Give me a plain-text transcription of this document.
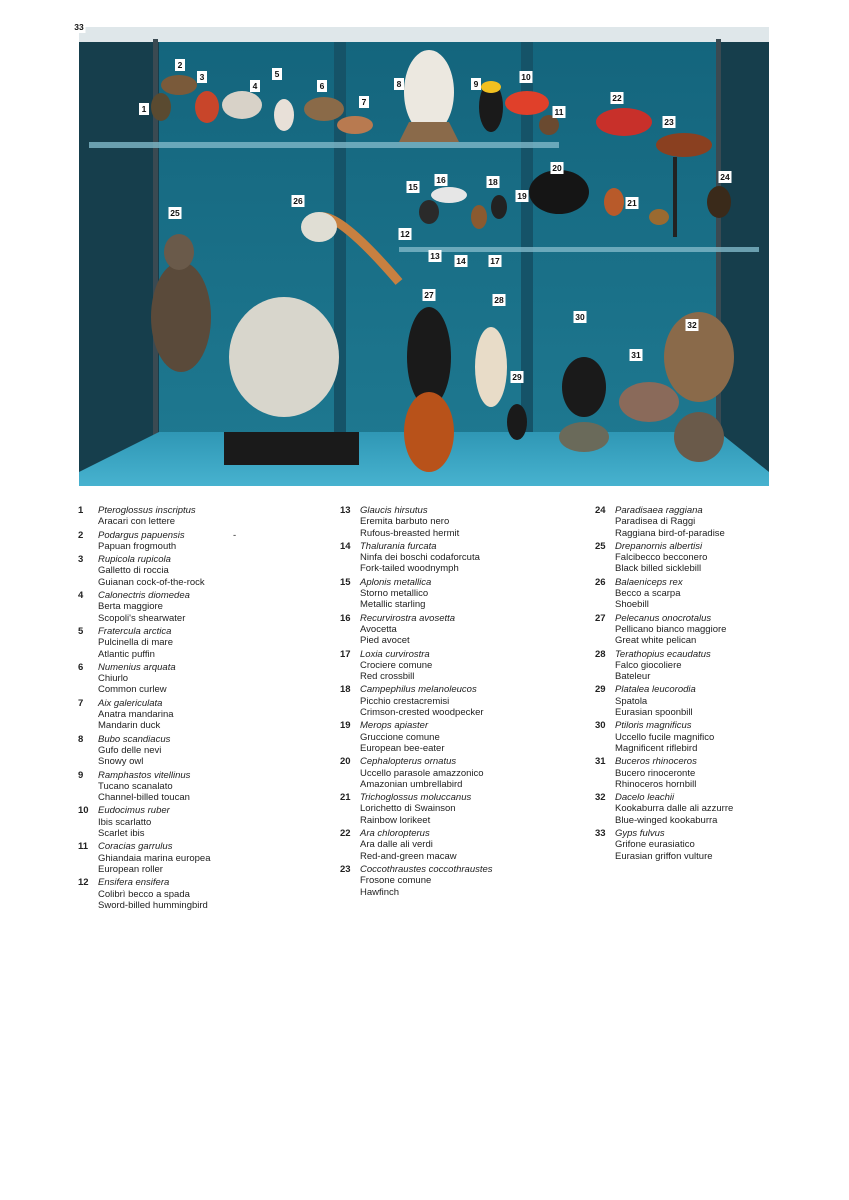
1
2
3
4
5
6
7
8	9
10
11
12
13 14
15
16
17
18
19
20
21
22
23
24
25
26
27	28
29
30
31
32
33
1 Pteroglossus inscriptus
Aracari con lettere
2 Podargus papuensis
Papuan frogmouth
-
3 Rupicola rupicola
Galletto di roccia
Guianan cock-of-the-rock
4 Calonectris diomedea
Berta maggiore
Scopoli's shearwater
5 Fratercula arctica
Pulcinella di mare
Atlantic puffin
6 Numenius arquata
Chiurlo
Common curlew
7 Aix galericulata
Anatra mandarina
Mandarin duck
8 Bubo scandiacus
Gufo delle nevi
Snowy owl
9 Ramphastos vitellinus
Tucano scanalato
Channel-billed toucan
10 Eudocimus ruber
Ibis scarlatto
Scarlet ibis
11 Coracias garrulus
Ghiandaia marina europea
European roller
12 Ensifera ensifera
Colibrì becco a spada
Sword-billed hummingbird
13 Glaucis hirsutus
Eremita barbuto nero
Rufous-breasted hermit
14 Thalurania furcata
Ninfa dei boschi codaforcuta
Fork-tailed woodnymph
15 Aplonis metallica
Storno metallico
Metallic starling
16 Recurvirostra avosetta
Avocetta
Pied avocet
17 Loxia curvirostra
Crociere comune
Red crossbill
18 Campephilus melanoleucos
Picchio crestacremisi
Crimson-crested woodpecker
19 Merops apiaster
Gruccione comune
European bee-eater
20 Cephalopterus ornatus
Uccello parasole amazzonico
Amazonian umbrellabird
21 Trichoglossus moluccanus
Lorichetto di Swainson
Rainbow lorikeet
22 Ara chloropterus
Ara dalle ali verdi
Red-and-green macaw
23 Coccothraustes coccothraustes
Frosone comune
Hawfinch
24 Paradisaea raggiana
Paradisea di Raggi
Raggiana bird-of-paradise
25 Drepanornis albertisi
Falcibecco becconero
Black billed sicklebill
26 Balaeniceps rex
Becco a scarpa
Shoebill
27 Pelecanus onocrotalus
Pellicano bianco maggiore
Great white pelican
28 Terathopius ecaudatus
Falco giocoliere
Bateleur
29 Platalea leucorodia
Spatola
Eurasian spoonbill
30 Ptiloris magnificus
Uccello fucile magnifico
Magnificent riflebird
31 Buceros rhinoceros
Bucero rinoceronte
Rhinoceros hornbill
32 Dacelo leachii
Kookaburra dalle ali azzurre
Blue-winged kookaburra
33 Gyps fulvus
Grifone eurasiatico
Eurasian griffon vulture
